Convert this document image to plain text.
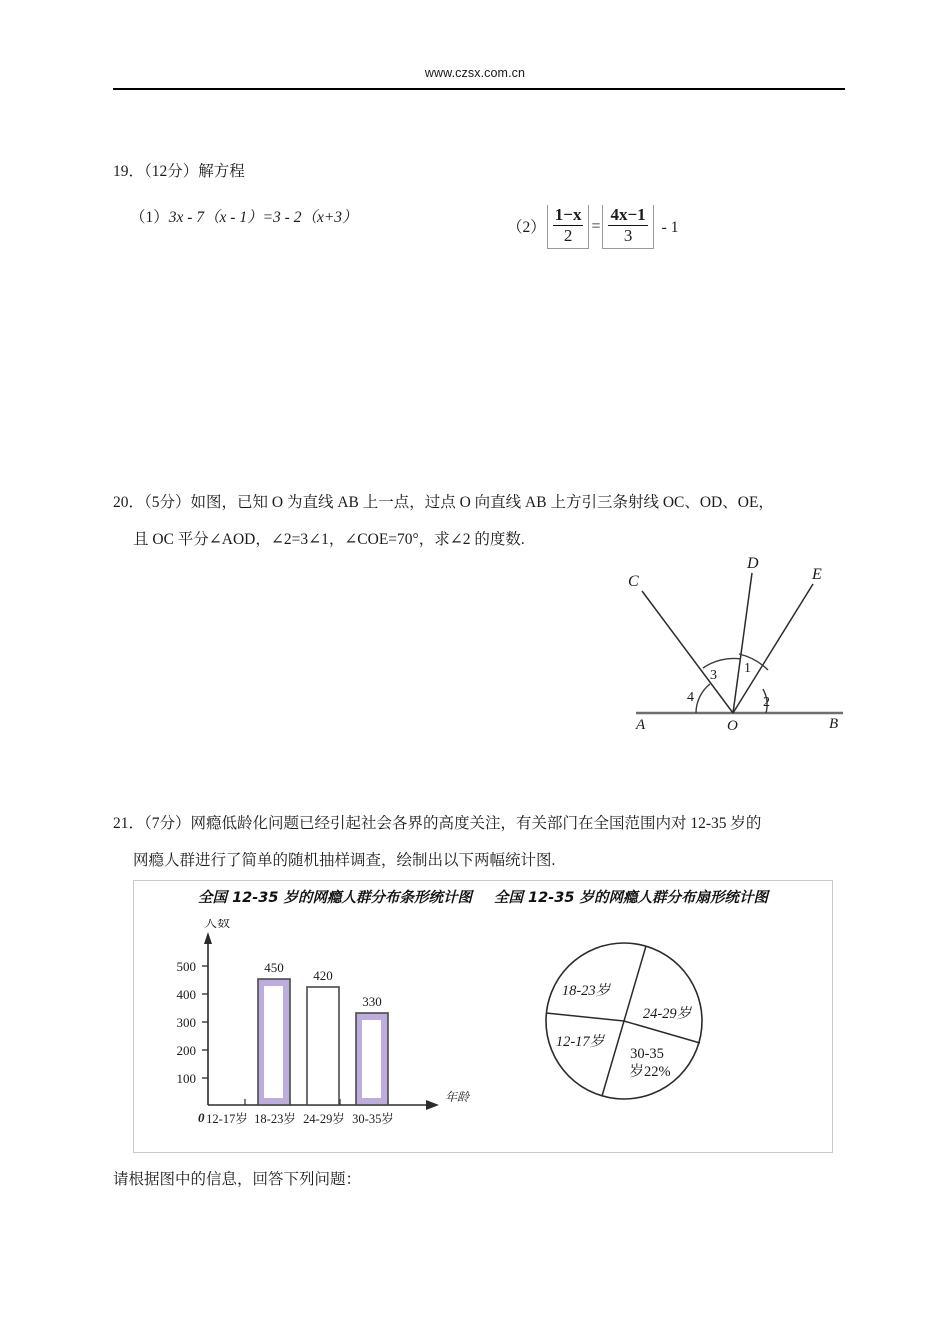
www.czsx.com.cn
19．（12分）解方程
（1）3x - 7（x - 1）=3 - 2（x+3）
$(2) \frac{1-x}{2} = \frac{4x-1}{3} - 1$
20．（5分）如图，已知 O 为直线 AB 上一点，过点 O 向直线 AB 上方引三条射线 OC、OD、OE，
且 OC 平分∠AOD，∠2=3∠1，∠COE=70°，求∠2 的度数.
C
D
E
A	O	B
1
2
3
4
21．（7分）网瘾低龄化问题已经引起社会各界的高度关注，有关部门在全国范围内对 12‑35 岁的
网瘾人群进行了简单的随机抽样调查，绘制出以下两幅统计图.
全国 12-35 岁的网瘾人群分布条形统计图 全国 12-35 岁的网瘾人群分布扇形统计图
100
200
300
400
500
人数
年龄
0
450
420
330
12-17岁 18-23岁 24-29岁 30-35岁
18-23岁
24-29岁
12-17岁
30-35
岁22%
请根据图中的信息，回答下列问题：
